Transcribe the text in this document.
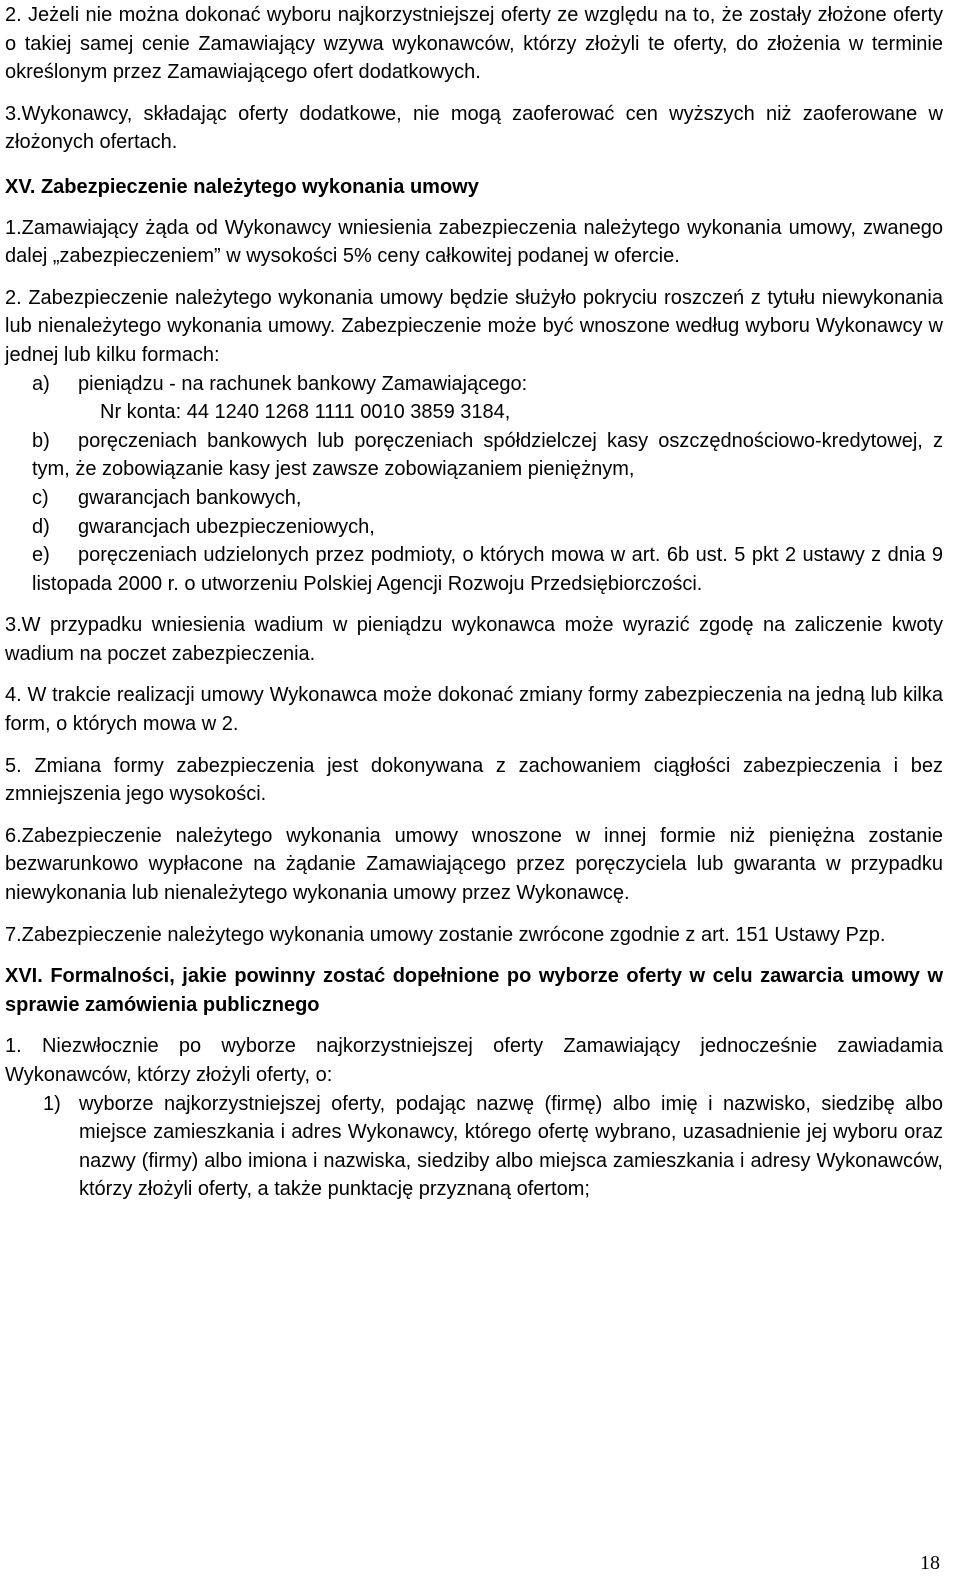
2. Jeżeli nie można dokonać wyboru najkorzystniejszej oferty ze względu na to, że zostały złożone oferty o takiej samej cenie Zamawiający wzywa wykonawców, którzy złożyli te oferty, do złożenia w terminie określonym przez Zamawiającego ofert dodatkowych.

3.Wykonawcy, składając oferty dodatkowe, nie mogą zaoferować cen wyższych niż zaoferowane w złożonych ofertach.

XV. Zabezpieczenie należytego wykonania umowy

1.Zamawiający żąda od Wykonawcy wniesienia zabezpieczenia należytego wykonania umowy, zwanego dalej „zabezpieczeniem” w wysokości 5% ceny całkowitej podanej w ofercie.

2. Zabezpieczenie należytego wykonania umowy będzie służyło pokryciu roszczeń z tytułu niewykonania lub nienależytego wykonania umowy. Zabezpieczenie może być wnoszone według wyboru Wykonawcy w jednej lub kilku formach:

a)	pieniądzu - na rachunek bankowy Zamawiającego:

Nr konta: 44 1240 1268 1111 0010 3859 3184,

b)	poręczeniach bankowych lub poręczeniach spółdzielczej kasy oszczędnościowo-kredytowej, z tym, że zobowiązanie kasy jest zawsze zobowiązaniem pieniężnym,
c)	gwarancjach bankowych,
d)	gwarancjach ubezpieczeniowych,
e)	poręczeniach udzielonych przez podmioty, o których mowa w art. 6b ust. 5 pkt 2 ustawy z dnia 9 listopada 2000 r. o utworzeniu Polskiej Agencji Rozwoju Przedsiębiorczości.

3.W przypadku wniesienia wadium w pieniądzu wykonawca może wyrazić zgodę na zaliczenie kwoty wadium na poczet zabezpieczenia.

4. W trakcie realizacji umowy Wykonawca może dokonać zmiany formy zabezpieczenia na jedną lub kilka form, o których mowa w 2.

5. Zmiana formy zabezpieczenia jest dokonywana z zachowaniem ciągłości zabezpieczenia i bez zmniejszenia jego wysokości.

6.Zabezpieczenie należytego wykonania umowy wnoszone w innej formie niż pieniężna zostanie bezwarunkowo wypłacone na żądanie Zamawiającego przez poręczyciela lub gwaranta w przypadku niewykonania lub nienależytego wykonania umowy przez Wykonawcę.

7.Zabezpieczenie należytego wykonania umowy zostanie zwrócone zgodnie z art. 151 Ustawy Pzp.

XVI. Formalności, jakie powinny zostać dopełnione po wyborze oferty w celu zawarcia umowy w sprawie zamówienia publicznego

1. Niezwłocznie po wyborze najkorzystniejszej oferty Zamawiający jednocześnie zawiadamia Wykonawców, którzy złożyli oferty, o:

1) wyborze najkorzystniejszej oferty, podając nazwę (firmę) albo imię i nazwisko, siedzibę albo miejsce zamieszkania i adres Wykonawcy, którego ofertę wybrano, uzasadnienie jej wyboru oraz nazwy (firmy) albo imiona i nazwiska, siedziby albo miejsca zamieszkania i adresy Wykonawców, którzy złożyli oferty, a także punktację przyznaną ofertom;
18
